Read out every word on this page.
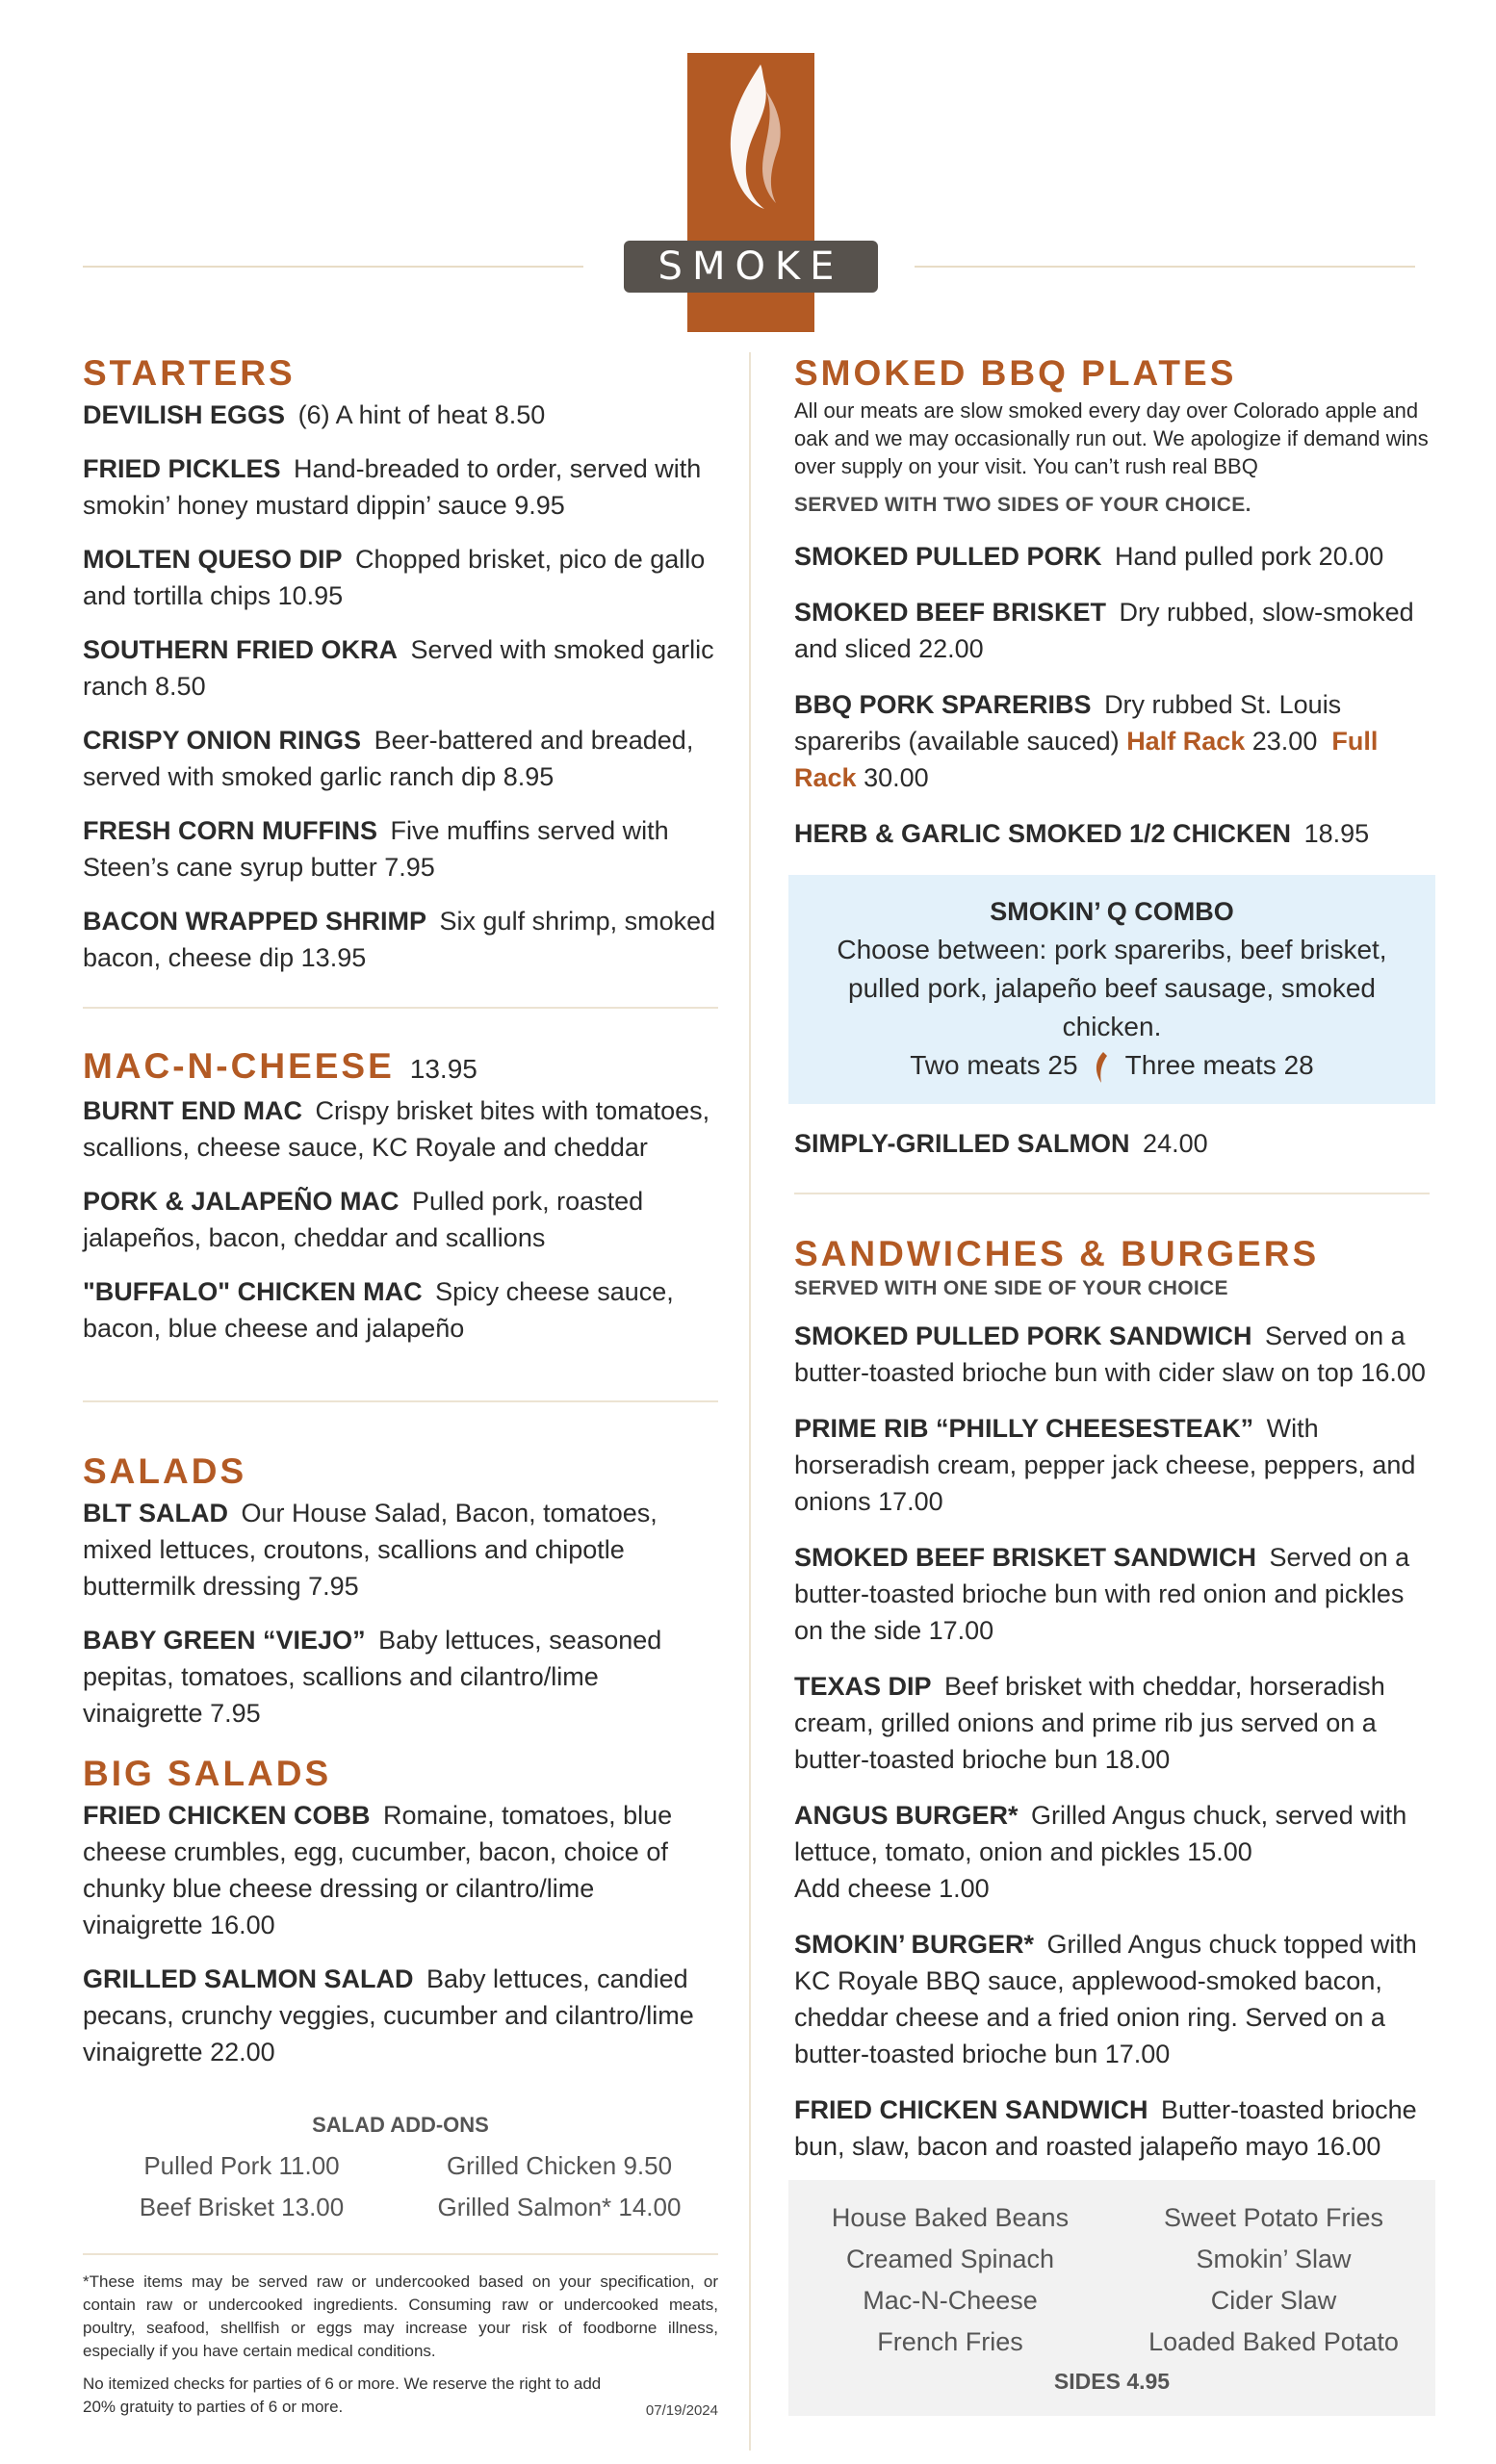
SMOKE
STARTERS

DEVILISH EGGS (6) A hint of heat 8.50

FRIED PICKLES Hand-breaded to order, served with smokin’ honey mustard dippin’ sauce 9.95

MOLTEN QUESO DIP Chopped brisket, pico de gallo and tortilla chips 10.95

SOUTHERN FRIED OKRA Served with smoked garlic ranch 8.50

CRISPY ONION RINGS Beer-battered and breaded, served with smoked garlic ranch dip 8.95

FRESH CORN MUFFINS Five muffins served with Steen’s cane syrup butter 7.95

BACON WRAPPED SHRIMP Six gulf shrimp, smoked bacon, cheese dip 13.95

MAC-N-CHEESE 13.95

BURNT END MAC Crispy brisket bites with tomatoes, scallions, cheese sauce, KC Royale and cheddar

PORK & JALAPEÑO MAC Pulled pork, roasted jalapeños, bacon, cheddar and scallions

"BUFFALO" CHICKEN MAC Spicy cheese sauce, bacon, blue cheese and jalapeño

SALADS

BLT SALAD Our House Salad, Bacon, tomatoes, mixed lettuces, croutons, scallions and chipotle buttermilk dressing 7.95

BABY GREEN “VIEJO” Baby lettuces, seasoned pepitas, tomatoes, scallions and cilantro/lime vinaigrette 7.95

BIG SALADS

FRIED CHICKEN COBB Romaine, tomatoes, blue cheese crumbles, egg, cucumber, bacon, choice of chunky blue cheese dressing or cilantro/lime vinaigrette 16.00

GRILLED SALMON SALAD Baby lettuces, candied pecans, crunchy veggies, cucumber and cilantro/lime vinaigrette 22.00

SALAD ADD-ONS
Pulled Pork 11.00	Grilled Chicken 9.50
Beef Brisket 13.00	Grilled Salmon* 14.00

*These items may be served raw or undercooked based on your specification, or contain raw or undercooked ingredients. Consuming raw or undercooked meats, poultry, seafood, shellfish or eggs may increase your risk of foodborne illness, especially if you have certain medical conditions.

No itemized checks for parties of 6 or more. We reserve the right to add 20% gratuity to parties of 6 or more.	07/19/2024
SMOKED BBQ PLATES

All our meats are slow smoked every day over Colorado apple and oak and we may occasionally run out. We apologize if demand wins over supply on your visit. You can’t rush real BBQ

SERVED WITH TWO SIDES OF YOUR CHOICE.

SMOKED PULLED PORK Hand pulled pork 20.00

SMOKED BEEF BRISKET Dry rubbed, slow-smoked and sliced 22.00

BBQ PORK SPARERIBS Dry rubbed St. Louis spareribs (available sauced) Half Rack 23.00 Full Rack 30.00

HERB & GARLIC SMOKED 1/2 CHICKEN 18.95

SMOKIN’ Q COMBO
Choose between: pork spareribs, beef brisket,
pulled pork, jalapeño beef sausage, smoked chicken.
Two meats 25 Three meats 28

SIMPLY-GRILLED SALMON 24.00

SANDWICHES & BURGERS
SERVED WITH ONE SIDE OF YOUR CHOICE

SMOKED PULLED PORK SANDWICH Served on a butter-toasted brioche bun with cider slaw on top 16.00

PRIME RIB “PHILLY CHEESESTEAK” With horseradish cream, pepper jack cheese, peppers, and onions 17.00

SMOKED BEEF BRISKET SANDWICH Served on a butter-toasted brioche bun with red onion and pickles on the side 17.00

TEXAS DIP Beef brisket with cheddar, horseradish cream, grilled onions and prime rib jus served on a butter-toasted brioche bun 18.00

ANGUS BURGER* Grilled Angus chuck, served with lettuce, tomato, onion and pickles 15.00
Add cheese 1.00

SMOKIN’ BURGER* Grilled Angus chuck topped with KC Royale BBQ sauce, applewood-smoked bacon, cheddar cheese and a fried onion ring. Served on a butter-toasted brioche bun 17.00

FRIED CHICKEN SANDWICH Butter-toasted brioche bun, slaw, bacon and roasted jalapeño mayo 16.00

House Baked Beans	Sweet Potato Fries
Creamed Spinach	Smokin’ Slaw
Mac-N-Cheese	Cider Slaw
French Fries	Loaded Baked Potato
SIDES 4.95
